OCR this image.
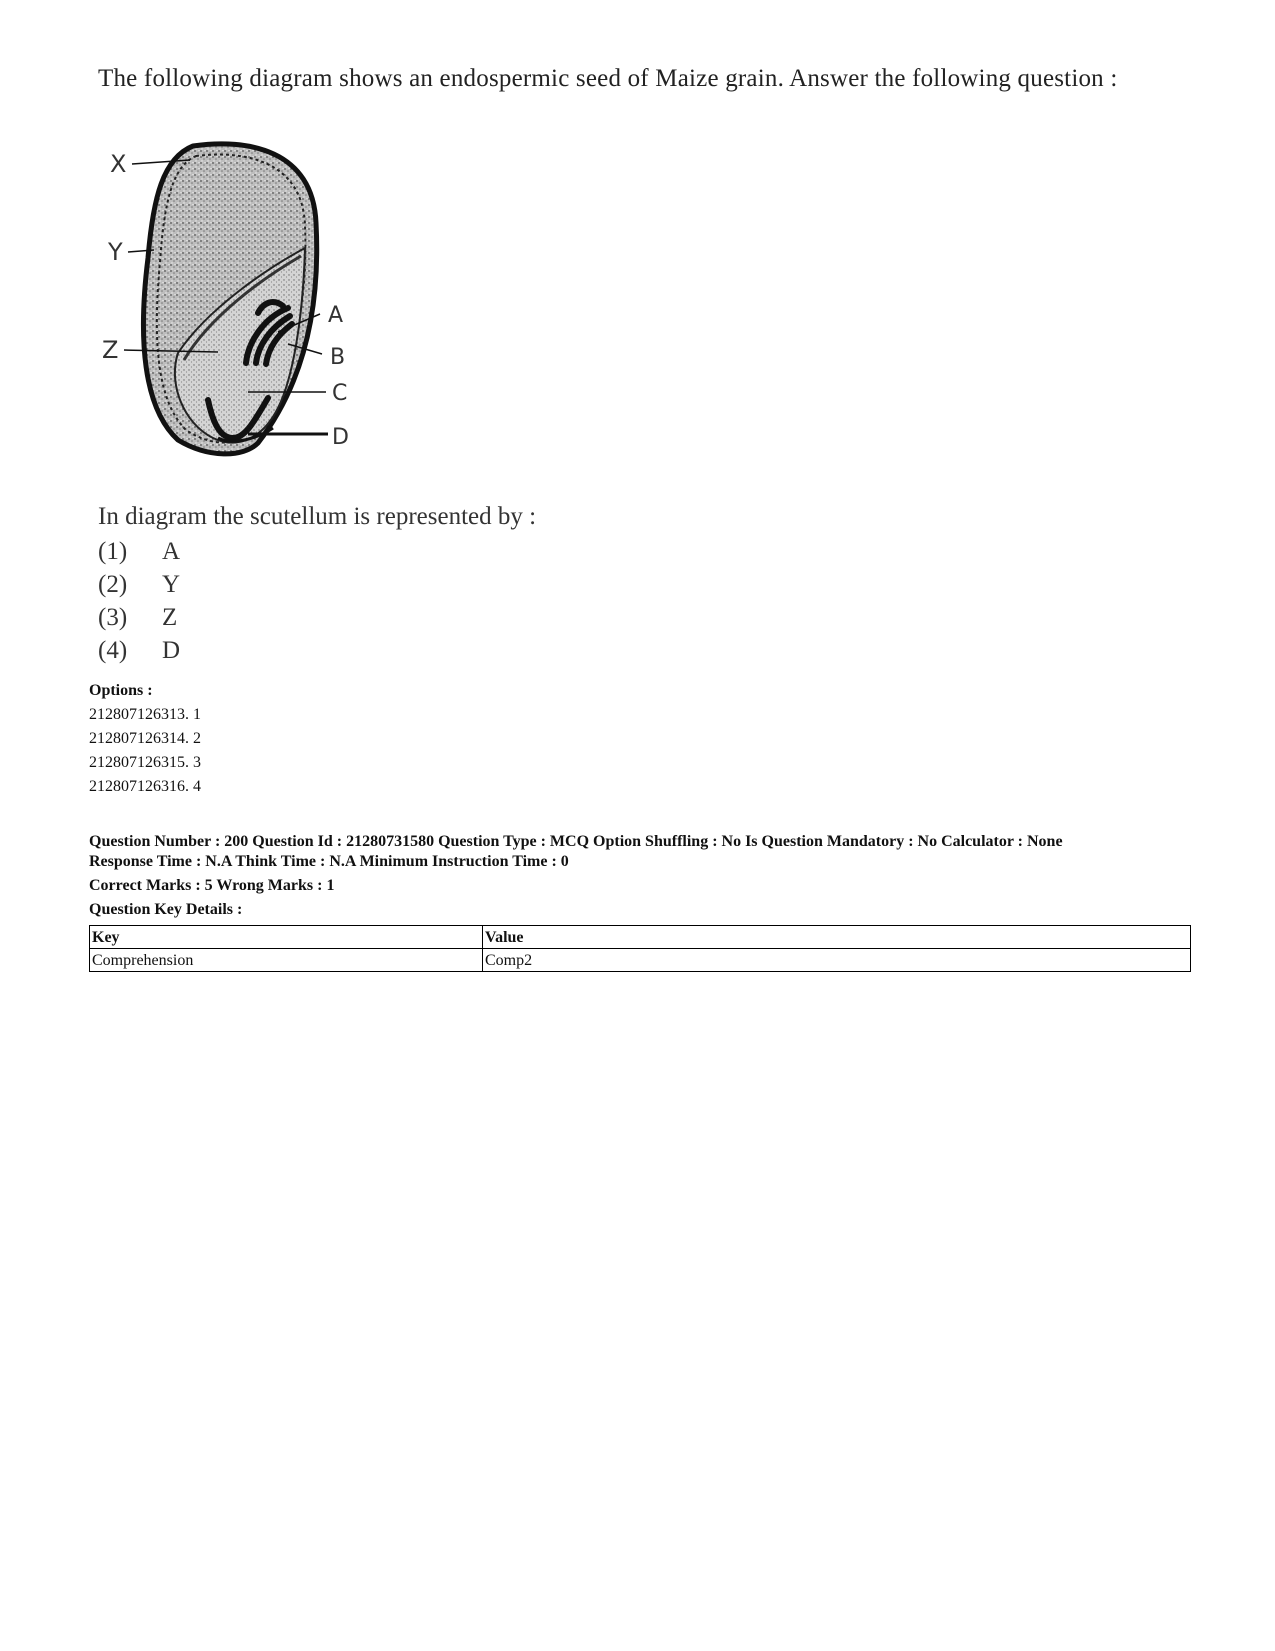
The following diagram shows an endospermic seed of Maize grain. Answer the following question :

X
Y
Z
A
B
C
D

In diagram the scutellum is represented by :

(1) A
(2) Y
(3) Z
(4) D
Options :
212807126313. 1
212807126314. 2
212807126315. 3
212807126316. 4
Question Number : 200 Question Id : 21280731580 Question Type : MCQ Option Shuffling : No Is Question Mandatory : No Calculator : None
Response Time : N.A Think Time : N.A Minimum Instruction Time : 0
Correct Marks : 5 Wrong Marks : 1
Question Key Details :
Key	Value
Comprehension	Comp2
